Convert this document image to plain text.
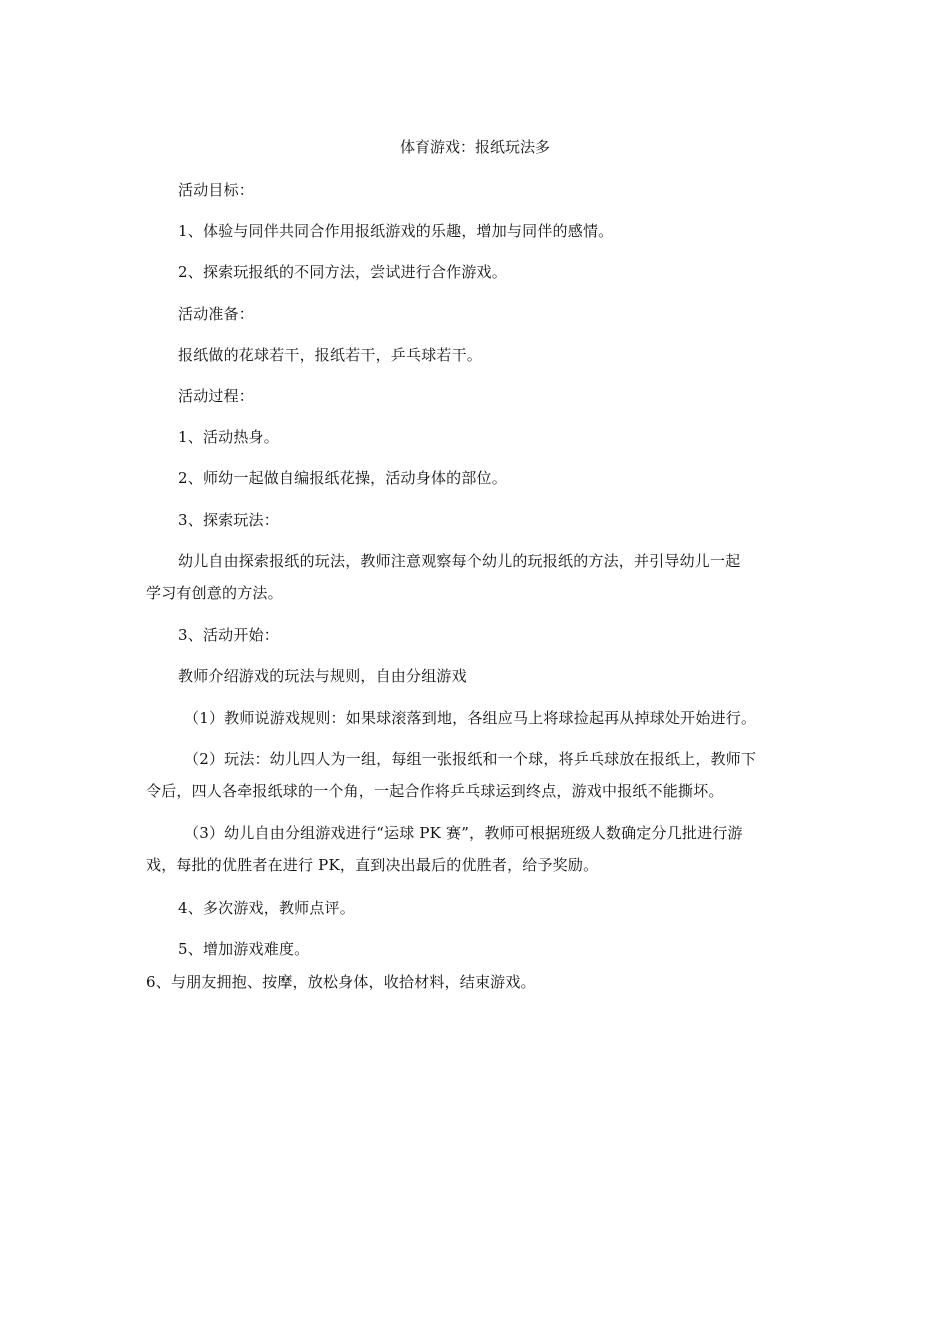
体育游戏：报纸玩法多
活动目标：
1、体验与同伴共同合作用报纸游戏的乐趣，增加与同伴的感情。
2、探索玩报纸的不同方法，尝试进行合作游戏。
活动准备：
报纸做的花球若干，报纸若干，乒乓球若干。
活动过程：
1、活动热身。
2、师幼一起做自编报纸花操，活动身体的部位。
3、探索玩法：
幼儿自由探索报纸的玩法，教师注意观察每个幼儿的玩报纸的方法，并引导幼儿一起
学习有创意的方法。
3、活动开始：
教师介绍游戏的玩法与规则，自由分组游戏
（1）教师说游戏规则：如果球滚落到地，各组应马上将球捡起再从掉球处开始进行。
（2）玩法：幼儿四人为一组，每组一张报纸和一个球，将乒乓球放在报纸上，教师下
令后，四人各牵报纸球的一个角，一起合作将乒乓球运到终点，游戏中报纸不能撕坏。
（3）幼儿自由分组游戏进行“运球 PK 赛”，教师可根据班级人数确定分几批进行游
戏，每批的优胜者在进行 PK，直到决出最后的优胜者，给予奖励。
4、多次游戏，教师点评。
5、增加游戏难度。
6、与朋友拥抱、按摩，放松身体，收拾材料，结束游戏。
